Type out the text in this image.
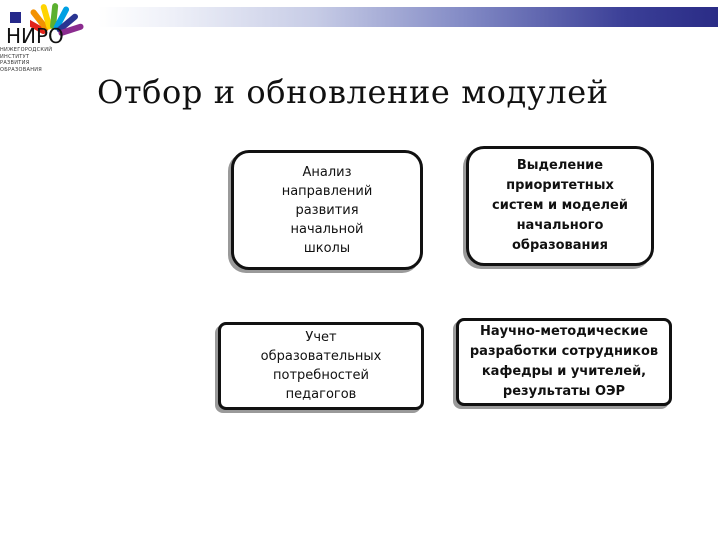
НИРО
НИЖЕГОРОДСКИЙ
ИНСТИТУТ
РАЗВИТИЯ
ОБРАЗОВАНИЯ
Отбор и обновление модулей
Анализ
направлений
развития
начальной
школы
Выделение
приоритетных
систем и моделей
начального
образования
Учет
образовательных
потребностей
педагогов
Научно-методические
разработки сотрудников
кафедры и учителей,
результаты ОЭР
